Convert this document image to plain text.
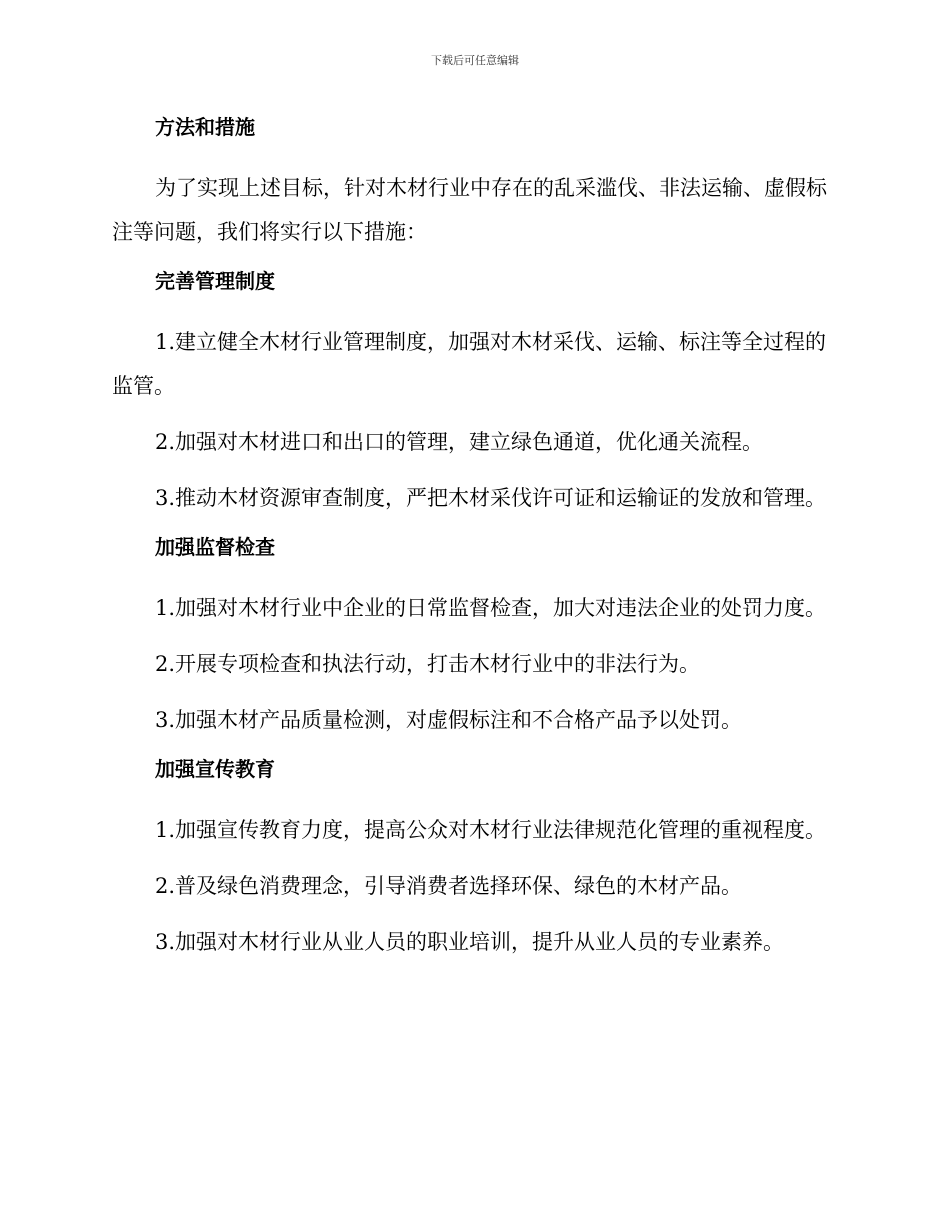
下载后可任意编辑
方法和措施

为了实现上述目标，针对木材行业中存在的乱采滥伐、非法运输、虚假标注等问题，我们将实行以下措施：

完善管理制度

1.建立健全木材行业管理制度，加强对木材采伐、运输、标注等全过程的监管。

2.加强对木材进口和出口的管理，建立绿色通道，优化通关流程。

3.推动木材资源审查制度，严把木材采伐许可证和运输证的发放和管理。

加强监督检查

1.加强对木材行业中企业的日常监督检查，加大对违法企业的处罚力度。

2.开展专项检查和执法行动，打击木材行业中的非法行为。

3.加强木材产品质量检测，对虚假标注和不合格产品予以处罚。

加强宣传教育

1.加强宣传教育力度，提高公众对木材行业法律规范化管理的重视程度。

2.普及绿色消费理念，引导消费者选择环保、绿色的木材产品。

3.加强对木材行业从业人员的职业培训，提升从业人员的专业素养。
